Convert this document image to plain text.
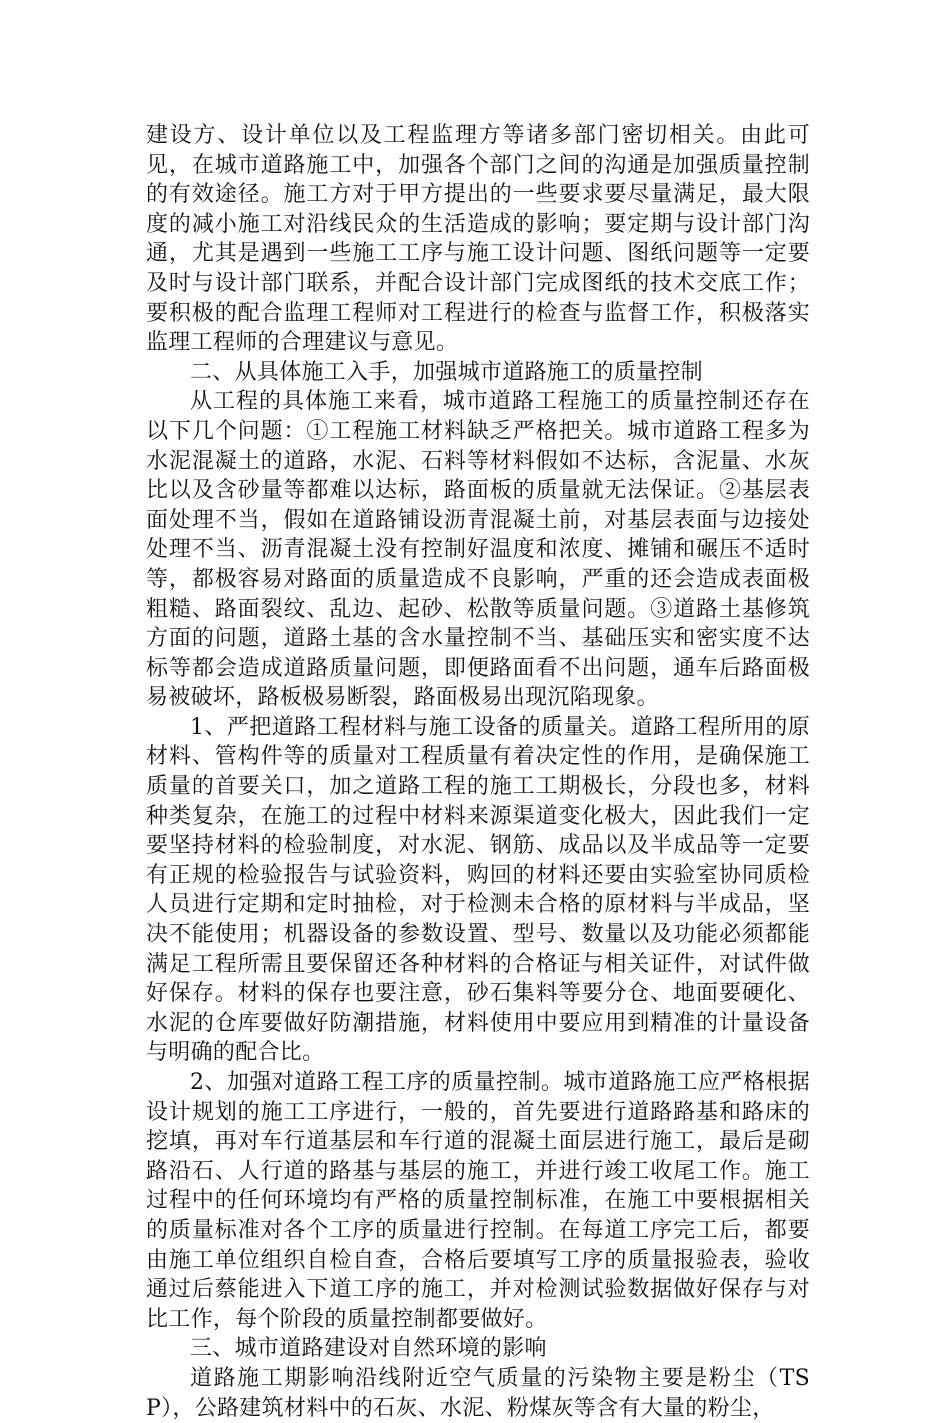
建设方、设计单位以及工程监理方等诸多部门密切相关。由此可见，在城市道路施工中，加强各个部门之间的沟通是加强质量控制的有效途径。施工方对于甲方提出的一些要求要尽量满足，最大限度的减小施工对沿线民众的生活造成的影响；要定期与设计部门沟通，尤其是遇到一些施工工序与施工设计问题、图纸问题等一定要及时与设计部门联系，并配合设计部门完成图纸的技术交底工作；要积极的配合监理工程师对工程进行的检查与监督工作，积极落实监理工程师的合理建议与意见。

二、从具体施工入手，加强城市道路施工的质量控制

从工程的具体施工来看，城市道路工程施工的质量控制还存在以下几个问题：①工程施工材料缺乏严格把关。城市道路工程多为水泥混凝土的道路，水泥、石料等材料假如不达标，含泥量、水灰比以及含砂量等都难以达标，路面板的质量就无法保证。②基层表面处理不当，假如在道路铺设沥青混凝土前，对基层表面与边接处处理不当、沥青混凝土没有控制好温度和浓度、摊铺和碾压不适时等，都极容易对路面的质量造成不良影响，严重的还会造成表面极粗糙、路面裂纹、乱边、起砂、松散等质量问题。③道路土基修筑方面的问题，道路土基的含水量控制不当、基础压实和密实度不达标等都会造成道路质量问题，即便路面看不出问题，通车后路面极易被破坏，路板极易断裂，路面极易出现沉陷现象。

1、严把道路工程材料与施工设备的质量关。道路工程所用的原材料、管构件等的质量对工程质量有着决定性的作用，是确保施工质量的首要关口，加之道路工程的施工工期极长，分段也多，材料种类复杂，在施工的过程中材料来源渠道变化极大，因此我们一定要坚持材料的检验制度，对水泥、钢筋、成品以及半成品等一定要有正规的检验报告与试验资料，购回的材料还要由实验室协同质检人员进行定期和定时抽检，对于检测未合格的原材料与半成品，坚决不能使用；机器设备的参数设置、型号、数量以及功能必须都能满足工程所需且要保留还各种材料的合格证与相关证件，对试件做好保存。材料的保存也要注意，砂石集料等要分仓、地面要硬化、水泥的仓库要做好防潮措施，材料使用中要应用到精准的计量设备与明确的配合比。

2、加强对道路工程工序的质量控制。城市道路施工应严格根据设计规划的施工工序进行，一般的，首先要进行道路路基和路床的挖填，再对车行道基层和车行道的混凝土面层进行施工，最后是砌路沿石、人行道的路基与基层的施工，并进行竣工收尾工作。施工过程中的任何环境均有严格的质量控制标准，在施工中要根据相关的质量标准对各个工序的质量进行控制。在每道工序完工后，都要由施工单位组织自检自查，合格后要填写工序的质量报验表，验收通过后蔡能进入下道工序的施工，并对检测试验数据做好保存与对比工作，每个阶段的质量控制都要做好。

三、城市道路建设对自然环境的影响

道路施工期影响沿线附近空气质量的污染物主要是粉尘（TSP），公路建筑材料中的石灰、水泥、粉煤灰等含有大量的粉尘，
